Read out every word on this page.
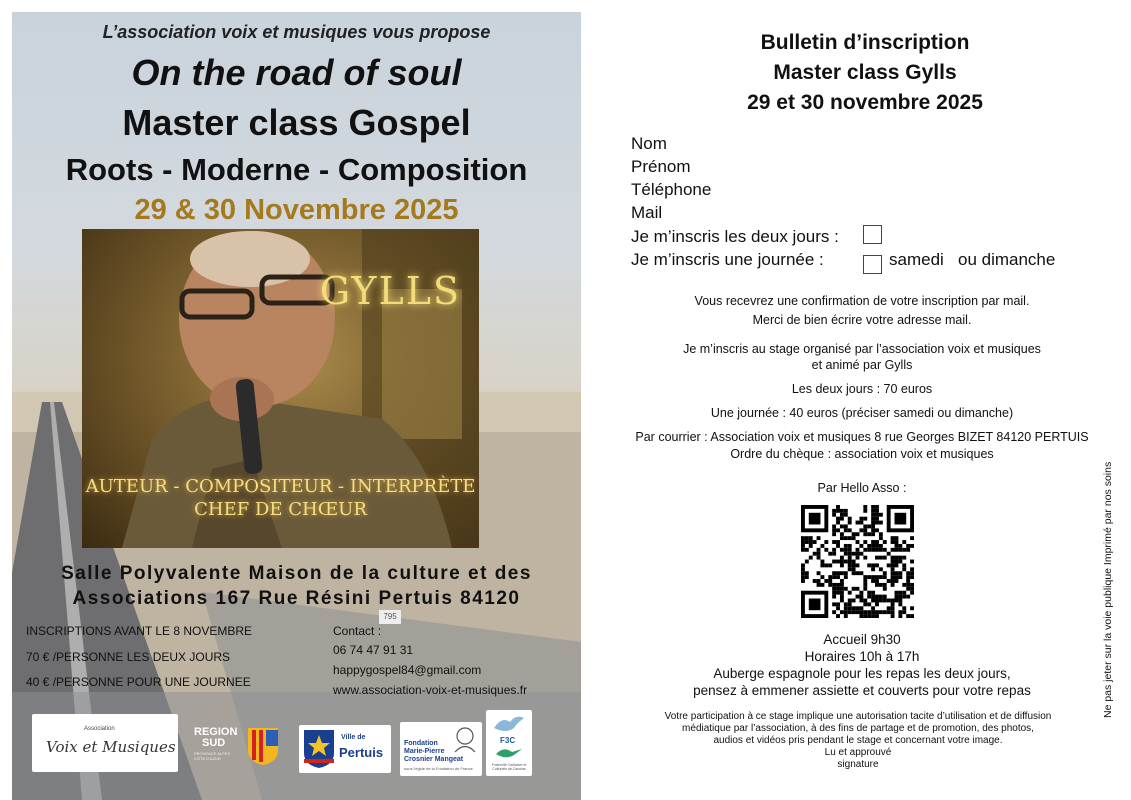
795
L’association voix et musiques vous propose
On the road of soul
Master class Gospel
Roots - Moderne - Composition
29 & 30 Novembre 2025
GYLLS
AUTEUR - COMPOSITEUR - INTERPRÈTE
CHEF DE CHŒUR
Salle Polyvalente Maison de la culture et des
Associations 167 Rue Résini Pertuis 84120
INSCRIPTIONS AVANT LE 8 NOVEMBRE
70 € /PERSONNE LES DEUX JOURS
40 € /PERSONNE POUR UNE JOURNEE
Contact :
06 74 47 91 31
happygospel84@gmail.com
www.association-voix-et-musiques.fr
Association
Voix et Musiques
REGION
SUD
PROVENCE ALPES CÔTE D'AZUR
Ville de
Pertuis
Fondation
Marie-Pierre
Crosnier Mangeat
sous l'égide de la Fondation de France
F3C
Fraternité Caritative et Culturelle de Canolas
Bulletin d’inscription
Master class Gylls
29 et 30 novembre 2025
Nom
Prénom
Téléphone
Mail
Je m’inscris les deux jours :
Je m’inscris une journée :	samedi ou dimanche
Vous recevrez une confirmation de votre inscription par mail.
Merci de bien écrire votre adresse mail.
Je m’inscris au stage organisé par l’association voix et musiques
et animé par Gylls
Les deux jours : 70 euros
Une journée : 40 euros (préciser samedi ou dimanche)
Par courrier : Association voix et musiques 8 rue Georges BIZET 84120 PERTUIS
Ordre du chèque : association voix et musiques
Par Hello Asso :
Accueil 9h30
Horaires 10h à 17h
Auberge espagnole pour les repas les deux jours,
pensez à emmener assiette et couverts pour votre repas
Votre participation à ce stage implique une autorisation tacite d’utilisation et de diffusion
médiatique par l’association, à des fins de partage et de promotion, des photos,
audios et vidéos pris pendant le stage et concernant votre image.
Lu et approuvé
signature
Ne pas jeter sur la voie publique Imprimé par nos soins
